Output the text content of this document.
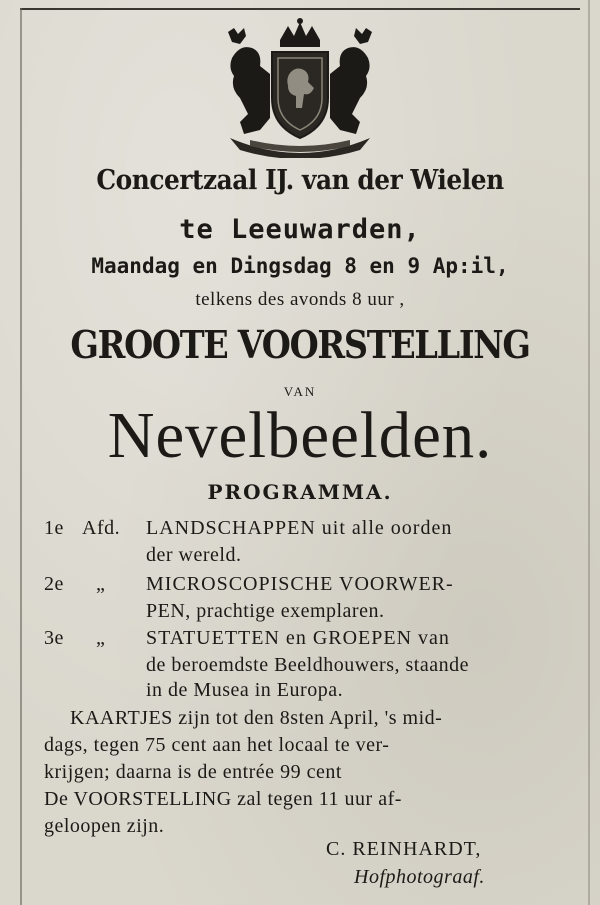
Concertzaal IJ. van der Wielen
te Leeuwarden,
Maandag en Dingsdag 8 en 9 Ap:il,
telkens des avonds 8 uur ,
GROOTE VOORSTELLING
VAN
Nevelbeelden.
PROGRAMMA.
1e Afd. LANDSCHAPPEN uit alle oorden
der wereld.
2e „ MICROSCOPISCHE VOORWER-
PEN, prachtige exemplaren.
3e „ STATUETTEN en GROEPEN van
de beroemdste Beeldhouwers, staande
in de Musea in Europa.
KAARTJES zijn tot den 8sten April, 's mid-
dags, tegen 75 cent aan het locaal te ver-
krijgen; daarna is de entrée 99 cent
De VOORSTELLING zal tegen 11 uur af-
geloopen zijn.
C. REINHARDT,
Hofphotograaf.
